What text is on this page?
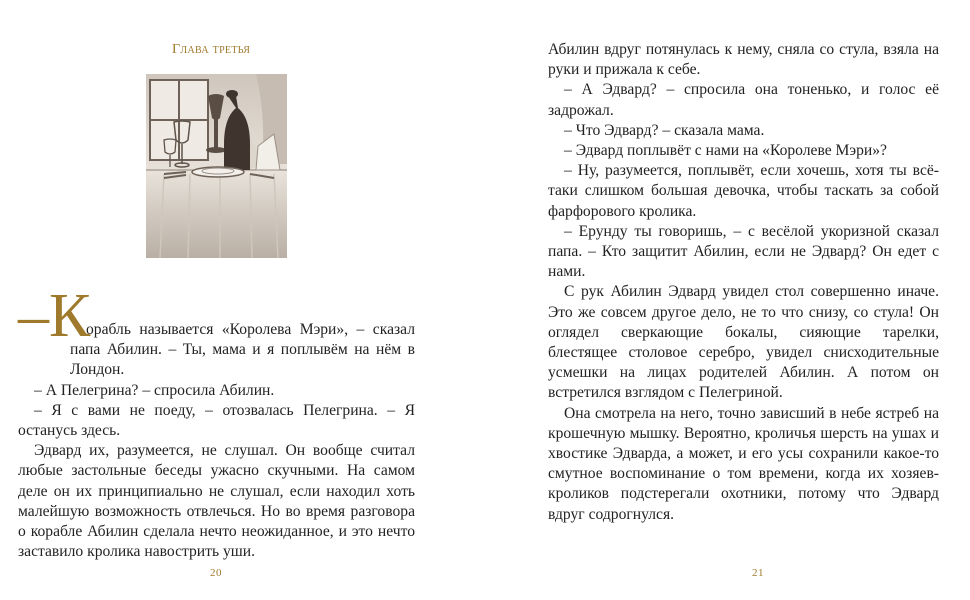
Глава третья
–К

орабль называется «Королева Мэри», – сказал папа Абилин. – Ты, мама и я поплывём на нём в Лондон.

– А Пелегрина? – спросила Абилин.

– Я с вами не поеду, – отозвалась Пелегрина. – Я останусь здесь.

Эдвард их, разумеется, не слушал. Он вообще считал любые застольные беседы ужасно скучными. На самом деле он их принципиально не слушал, если находил хоть малейшую возможность отвлечься. Но во время разговора о корабле Абилин сделала нечто неожиданное, и это нечто заставило кролика навострить уши.

20

Абилин вдруг потянулась к нему, сняла со стула, взяла на руки и прижала к себе.

– А Эдвард? – спросила она тоненько, и голос её задрожал.

– Что Эдвард? – сказала мама.

– Эдвард поплывёт с нами на «Королеве Мэри»?

– Ну, разумеется, поплывёт, если хочешь, хотя ты всё-таки слишком большая девочка, чтобы таскать за собой фарфорового кролика.

– Ерунду ты говоришь, – с весёлой укоризной сказал папа. – Кто защитит Абилин, если не Эдвард? Он едет с нами.

С рук Абилин Эдвард увидел стол совершенно иначе. Это же совсем другое дело, не то что снизу, со стула! Он оглядел сверкающие бокалы, сияющие тарелки, блестящее столовое серебро, увидел снисходительные усмешки на лицах родителей Абилин. А потом он встретился взглядом с Пелегриной.

Она смотрела на него, точно зависший в небе ястреб на крошечную мышку. Вероятно, кроличья шерсть на ушах и хвостике Эдварда, а может, и его усы сохранили какое-то смутное воспоминание о том времени, когда их хозяев-кроликов подстерегали охотники, потому что Эдвард вдруг содрогнулся.

21
